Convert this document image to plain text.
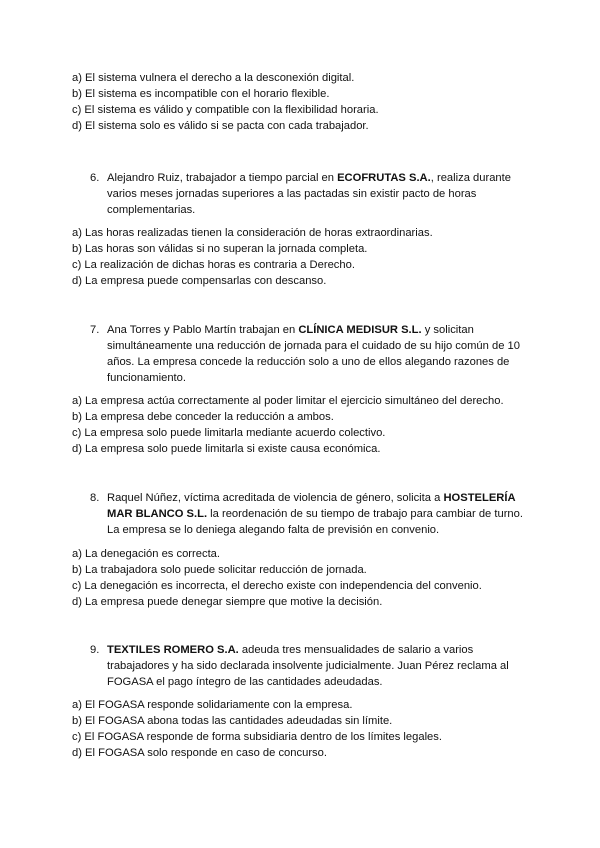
a) El sistema vulnera el derecho a la desconexión digital.
b) El sistema es incompatible con el horario flexible.
c) El sistema es válido y compatible con la flexibilidad horaria.
d) El sistema solo es válido si se pacta con cada trabajador.
6. Alejandro Ruiz, trabajador a tiempo parcial en ECOFRUTAS S.A., realiza durante varios meses jornadas superiores a las pactadas sin existir pacto de horas complementarias.
a) Las horas realizadas tienen la consideración de horas extraordinarias.
b) Las horas son válidas si no superan la jornada completa.
c) La realización de dichas horas es contraria a Derecho.
d) La empresa puede compensarlas con descanso.
7. Ana Torres y Pablo Martín trabajan en CLÍNICA MEDISUR S.L. y solicitan simultáneamente una reducción de jornada para el cuidado de su hijo común de 10 años. La empresa concede la reducción solo a uno de ellos alegando razones de funcionamiento.
a) La empresa actúa correctamente al poder limitar el ejercicio simultáneo del derecho.
b) La empresa debe conceder la reducción a ambos.
c) La empresa solo puede limitarla mediante acuerdo colectivo.
d) La empresa solo puede limitarla si existe causa económica.
8. Raquel Núñez, víctima acreditada de violencia de género, solicita a HOSTELERÍA MAR BLANCO S.L. la reordenación de su tiempo de trabajo para cambiar de turno. La empresa se lo deniega alegando falta de previsión en convenio.
a) La denegación es correcta.
b) La trabajadora solo puede solicitar reducción de jornada.
c) La denegación es incorrecta, el derecho existe con independencia del convenio.
d) La empresa puede denegar siempre que motive la decisión.
9. TEXTILES ROMERO S.A. adeuda tres mensualidades de salario a varios trabajadores y ha sido declarada insolvente judicialmente. Juan Pérez reclama al FOGASA el pago íntegro de las cantidades adeudadas.
a) El FOGASA responde solidariamente con la empresa.
b) El FOGASA abona todas las cantidades adeudadas sin límite.
c) El FOGASA responde de forma subsidiaria dentro de los límites legales.
d) El FOGASA solo responde en caso de concurso.
